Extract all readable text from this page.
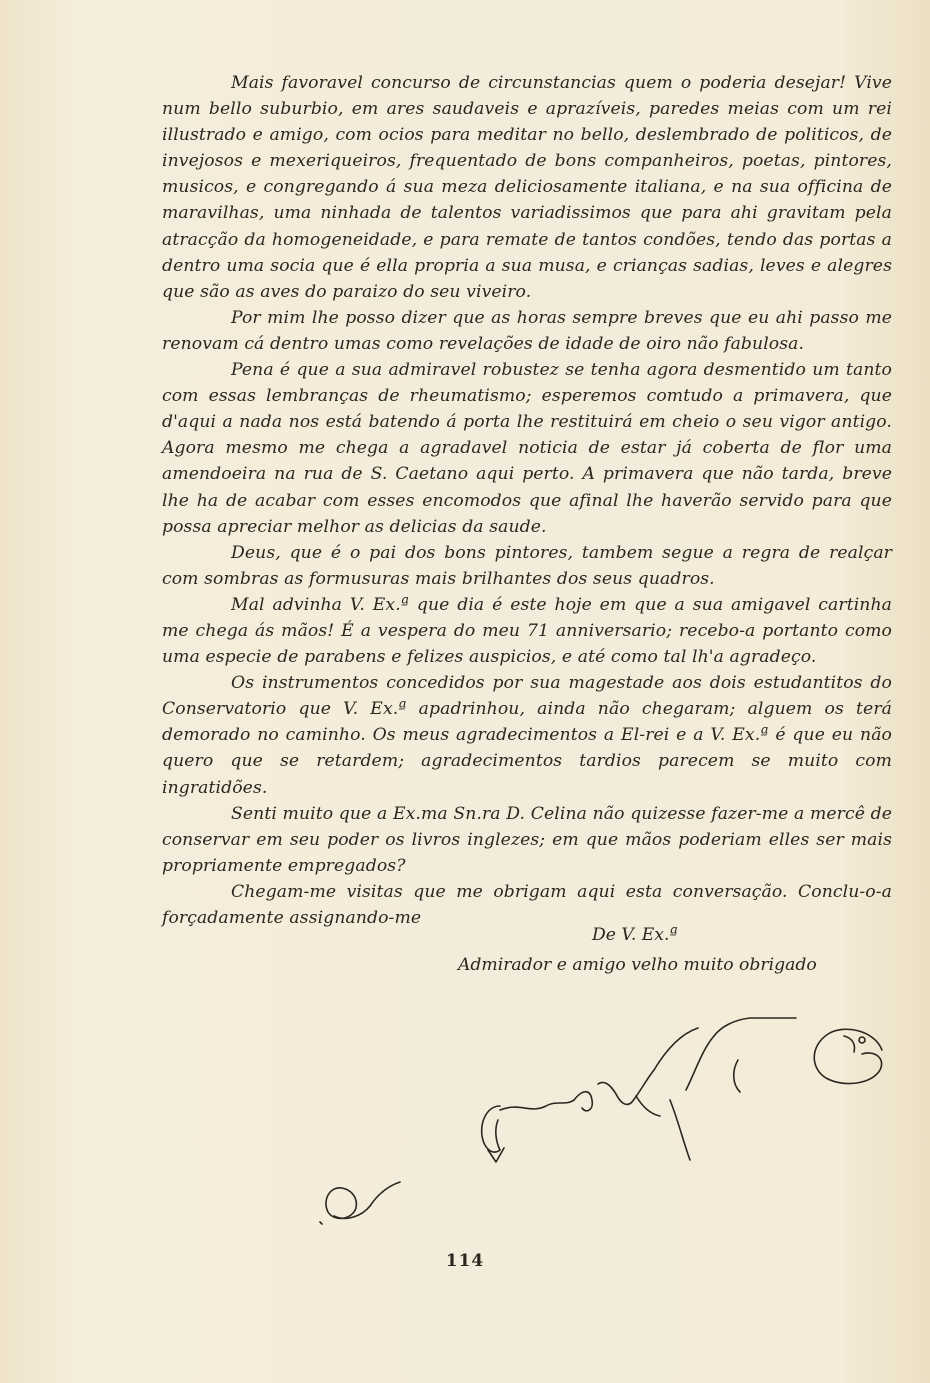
Mais favoravel concurso de circunstancias quem o poderia desejar! Vive num bello suburbio, em ares saudaveis e aprazíveis, paredes meias com um rei illustrado e amigo, com ocios para meditar no bello, deslembrado de politicos, de invejosos e mexeriqueiros, frequentado de bons companheiros, poetas, pintores, musicos, e congregando á sua meza deliciosamente italiana, e na sua officina de maravilhas, uma ninhada de talentos variadissimos que para ahi gravitam pela atracção da homogeneidade, e para remate de tantos condões, tendo das portas a dentro uma socia que é ella propria a sua musa, e crianças sadias, leves e alegres que são as aves do paraizo do seu viveiro.

Por mim lhe posso dizer que as horas sempre breves que eu ahi passo me renovam cá dentro umas como revelações de idade de oiro não fabulosa.

Pena é que a sua admiravel robustez se tenha agora desmentido um tanto com essas lembranças de rheumatismo; esperemos comtudo a primavera, que d'aqui a nada nos está batendo á porta lhe restituirá em cheio o seu vigor antigo. Agora mesmo me chega a agradavel noticia de estar já coberta de flor uma amendoeira na rua de S. Caetano aqui perto. A primavera que não tarda, breve lhe ha de acabar com esses encomodos que afinal lhe haverão servido para que possa apreciar melhor as delicias da saude.

Deus, que é o pai dos bons pintores, tambem segue a regra de realçar com sombras as formusuras mais brilhantes dos seus quadros.

Mal advinha V. Ex.ª que dia é este hoje em que a sua amigavel cartinha me chega ás mãos! É a vespera do meu 71 anniversario; recebo-a portanto como uma especie de parabens e felizes auspicios, e até como tal lh'a agradeço.

Os instrumentos concedidos por sua magestade aos dois estudantitos do Conservatorio que V. Ex.ª apadrinhou, ainda não chegaram; alguem os terá demorado no caminho. Os meus agradecimentos a El-rei e a V. Ex.ª é que eu não quero que se retardem; agradecimentos tardios parecem se muito com ingratidões.

Senti muito que a Ex.ma Sn.ra D. Celina não quizesse fazer-me a mercê de conservar em seu poder os livros inglezes; em que mãos poderiam elles ser mais propriamente empregados?

Chegam-me visitas que me obrigam aqui esta conversação. Conclu-o-a forçadamente assignando-me

De V. Ex.ª
Admirador e amigo velho muito obrigado
114
